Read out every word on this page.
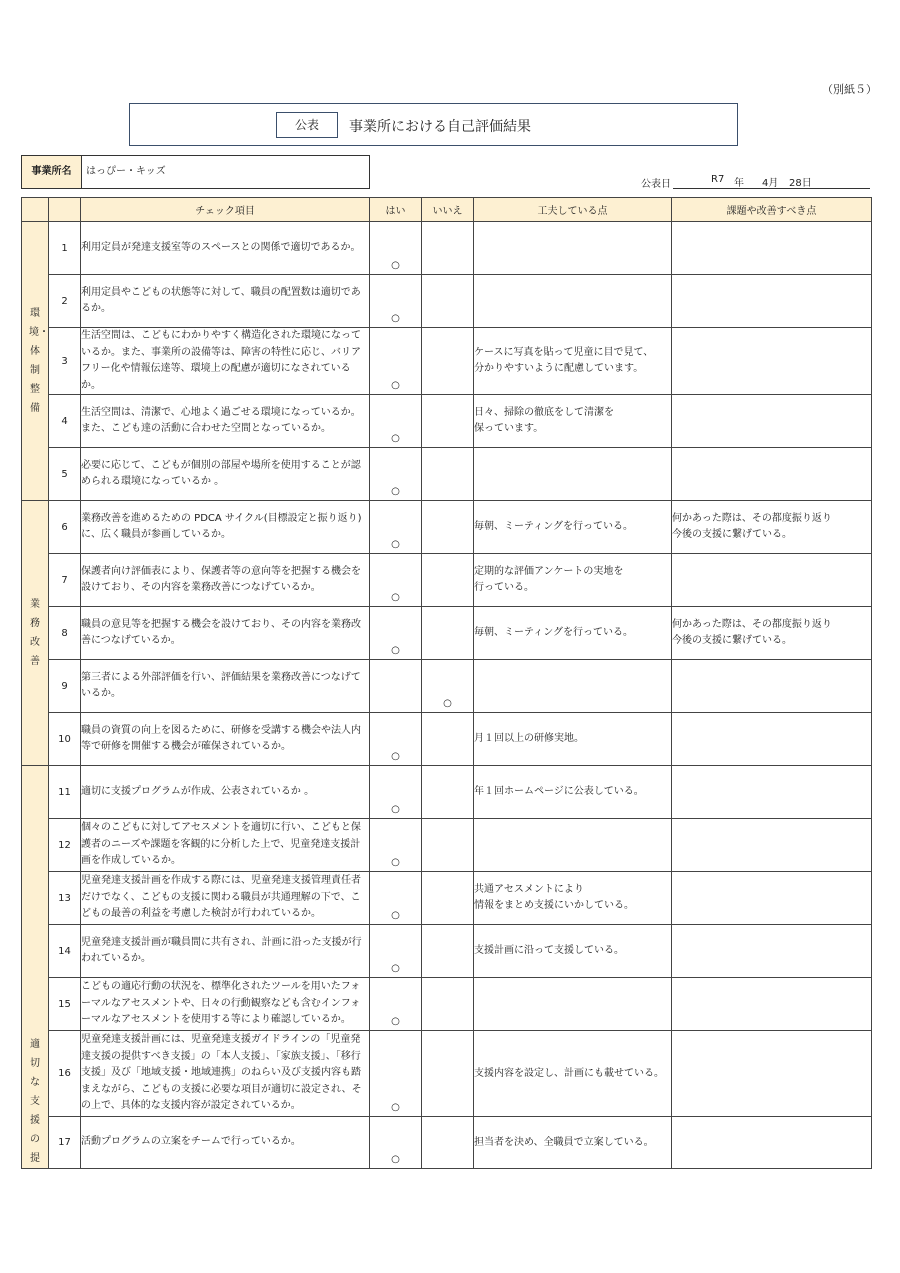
（別紙５）
公表	事業所における自己評価結果
事業所名	はっぴー・キッズ
公表日	R7 年 4月 28日
		チェック項目	はい	いいえ	工夫している点	課題や改善すべき点
環境・体制整備	1	利用定員が発達支援室等のスペースとの関係で適切であるか。	○			

	2	利用定員やこどもの状態等に対して、職員の配置数は適切であるか。	○			

	3	生活空間は、こどもにわかりやすく構造化された環境になっているか。また、事業所の設備等は、障害の特性に応じ、バリアフリー化や情報伝達等、環境上の配慮が適切になされているか。	○		ケースに写真を貼って児童に目で見て、
分かりやすいように配慮しています。	
	4	生活空間は、清潔で、心地よく過ごせる環境になっているか。また、こども達の活動に合わせた空間となっているか。	○		日々、掃除の徹底をして清潔を
保っています。	
	5	必要に応じて、こどもが個別の部屋や場所を使用することが認められる環境になっているか 。	○			

業務改善	6	業務改善を進めるための PDCA サイクル(目標設定と振り返り)に、広く職員が参画しているか。	○		毎朝、ミーティングを行っている。	何かあった際は、その都度振り返り
今後の支援に繋げている。
	7	保護者向け評価表により、保護者等の意向等を把握する機会を設けており、その内容を業務改善につなげているか。	○		定期的な評価アンケートの実地を
行っている。	
	8	職員の意見等を把握する機会を設けており、その内容を業務改善につなげているか。	○		毎朝、ミーティングを行っている。	何かあった際は、その都度振り返り
今後の支援に繋げている。
	9	第三者による外部評価を行い、評価結果を業務改善につなげているか。		○		

	10	職員の資質の向上を図るために、研修を受講する機会や法人内等で研修を開催する機会が確保されているか。	○		月１回以上の研修実地。	
適切な支援の提	11	適切に支援プログラムが作成、公表されているか 。	○		年１回ホームページに公表している。	
	12	個々のこどもに対してアセスメントを適切に行い、こどもと保護者のニーズや課題を客観的に分析した上で、児童発達支援計画を作成しているか。	○			

	13	児童発達支援計画を作成する際には、児童発達支援管理責任者だけでなく、こどもの支援に関わる職員が共通理解の下で、こどもの最善の利益を考慮した検討が行われているか。	○		共通アセスメントにより
情報をまとめ支援にいかしている。	
	14	児童発達支援計画が職員間に共有され、計画に沿った支援が行われているか。	○		支援計画に沿って支援している。	
	15	こどもの適応行動の状況を、標準化されたツールを用いたフォーマルなアセスメントや、日々の行動観察なども含むインフォーマルなアセスメントを使用する等により確認しているか。	○			

	16	児童発達支援計画には、児童発達支援ガイドラインの「児童発達支援の提供すべき支援」の「本人支援」、「家族支援」、「移行支援」及び「地域支援・地域連携」のねらい及び支援内容も踏まえながら、こどもの支援に必要な項目が適切に設定され、その上で、具体的な支援内容が設定されているか。	○		支援内容を設定し、計画にも載せている。	
	17	活動プログラムの立案をチームで行っているか。	○		担当者を決め、全職員で立案している。	
